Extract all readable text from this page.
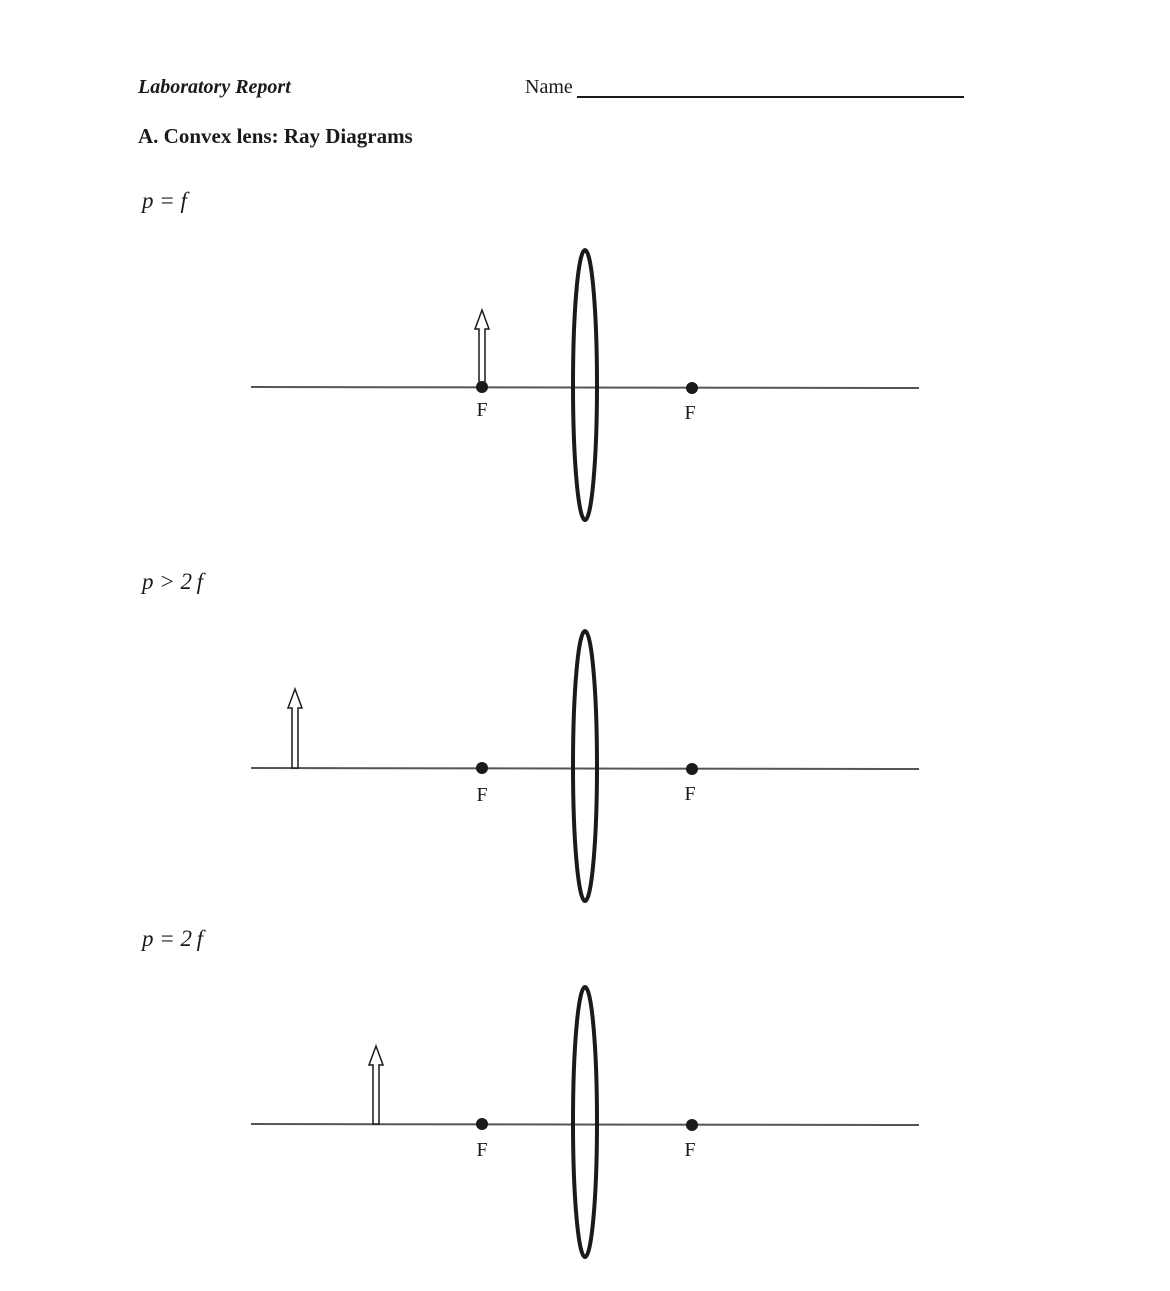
Laboratory Report	Name
A. Convex lens: Ray Diagrams
p = f
F	F
p > 2 f
F	F
p = 2 f
F	F
